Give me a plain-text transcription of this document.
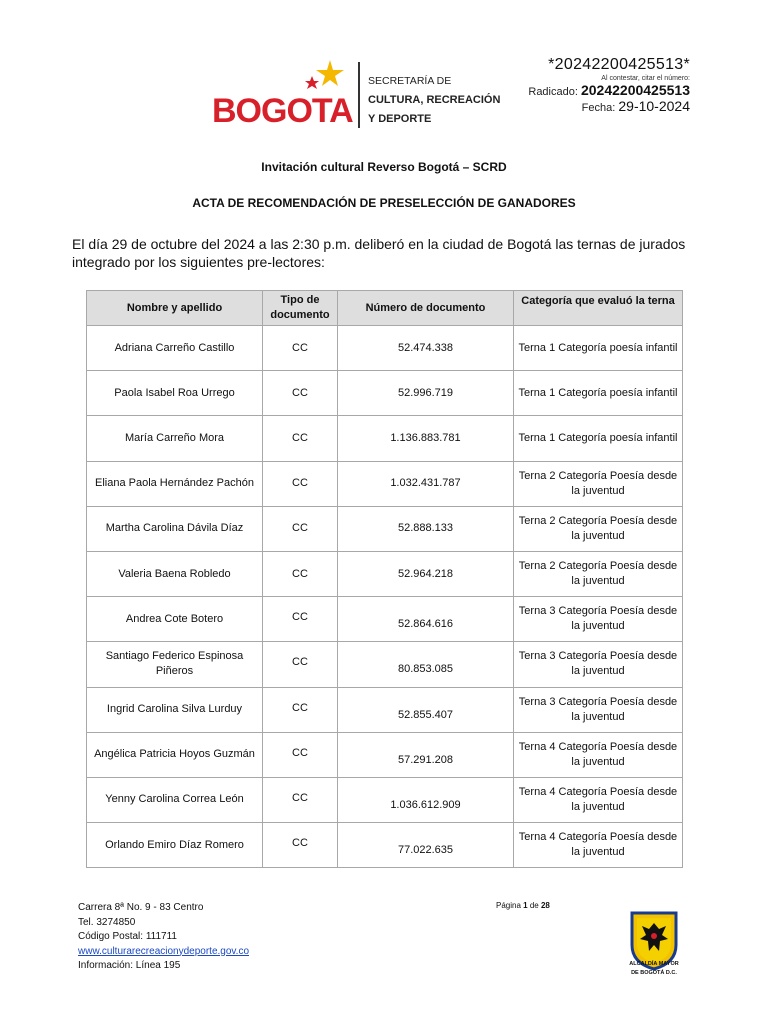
BOGOTA
SECRETARÍA DE
CULTURA, RECREACIÓN
Y DEPORTE
*20242200425513*
Al contestar, citar el número:
Radicado: 20242200425513
Fecha: 29-10-2024
Invitación cultural Reverso Bogotá – SCRD
ACTA DE RECOMENDACIÓN DE PRESELECCIÓN DE GANADORES
El día 29 de octubre del 2024 a las 2:30 p.m. deliberó en la ciudad de Bogotá las ternas de jurados integrado por los siguientes pre-lectores:
Nombre y apellido	Tipo de documento	Número de documento	Categoría que evaluó la terna
Adriana Carreño Castillo	CC	52.474.338	Terna 1 Categoría poesía infantil
Paola Isabel Roa Urrego	CC	52.996.719	Terna 1 Categoría poesía infantil
María Carreño Mora	CC	1.136.883.781	Terna 1 Categoría poesía infantil
Eliana Paola Hernández Pachón	CC	1.032.431.787	Terna 2 Categoría Poesía desde la juventud
Martha Carolina Dávila Díaz	CC	52.888.133	Terna 2 Categoría Poesía desde la juventud
Valeria Baena Robledo	CC	52.964.218	Terna 2 Categoría Poesía desde la juventud
Andrea Cote Botero	CC	52.864.616	Terna 3 Categoría Poesía desde la juventud
Santiago Federico Espinosa Piñeros	CC	80.853.085	Terna 3 Categoría Poesía desde la juventud
Ingrid Carolina Silva Lurduy	CC	52.855.407	Terna 3 Categoría Poesía desde la juventud
Angélica Patricia Hoyos Guzmán	CC	57.291.208	Terna 4 Categoría Poesía desde la juventud
Yenny Carolina Correa León	CC	1.036.612.909	Terna 4 Categoría Poesía desde la juventud
Orlando Emiro Díaz Romero	CC	77.022.635	Terna 4 Categoría Poesía desde la juventud
Carrera 8ª No. 9 - 83 Centro
Tel. 3274850
Código Postal: 111711
www.culturarecreacionydeporte.gov.co
Información: Línea 195
Página 1 de 28
ALCALDÍA MAYOR
DE BOGOTÁ D.C.
